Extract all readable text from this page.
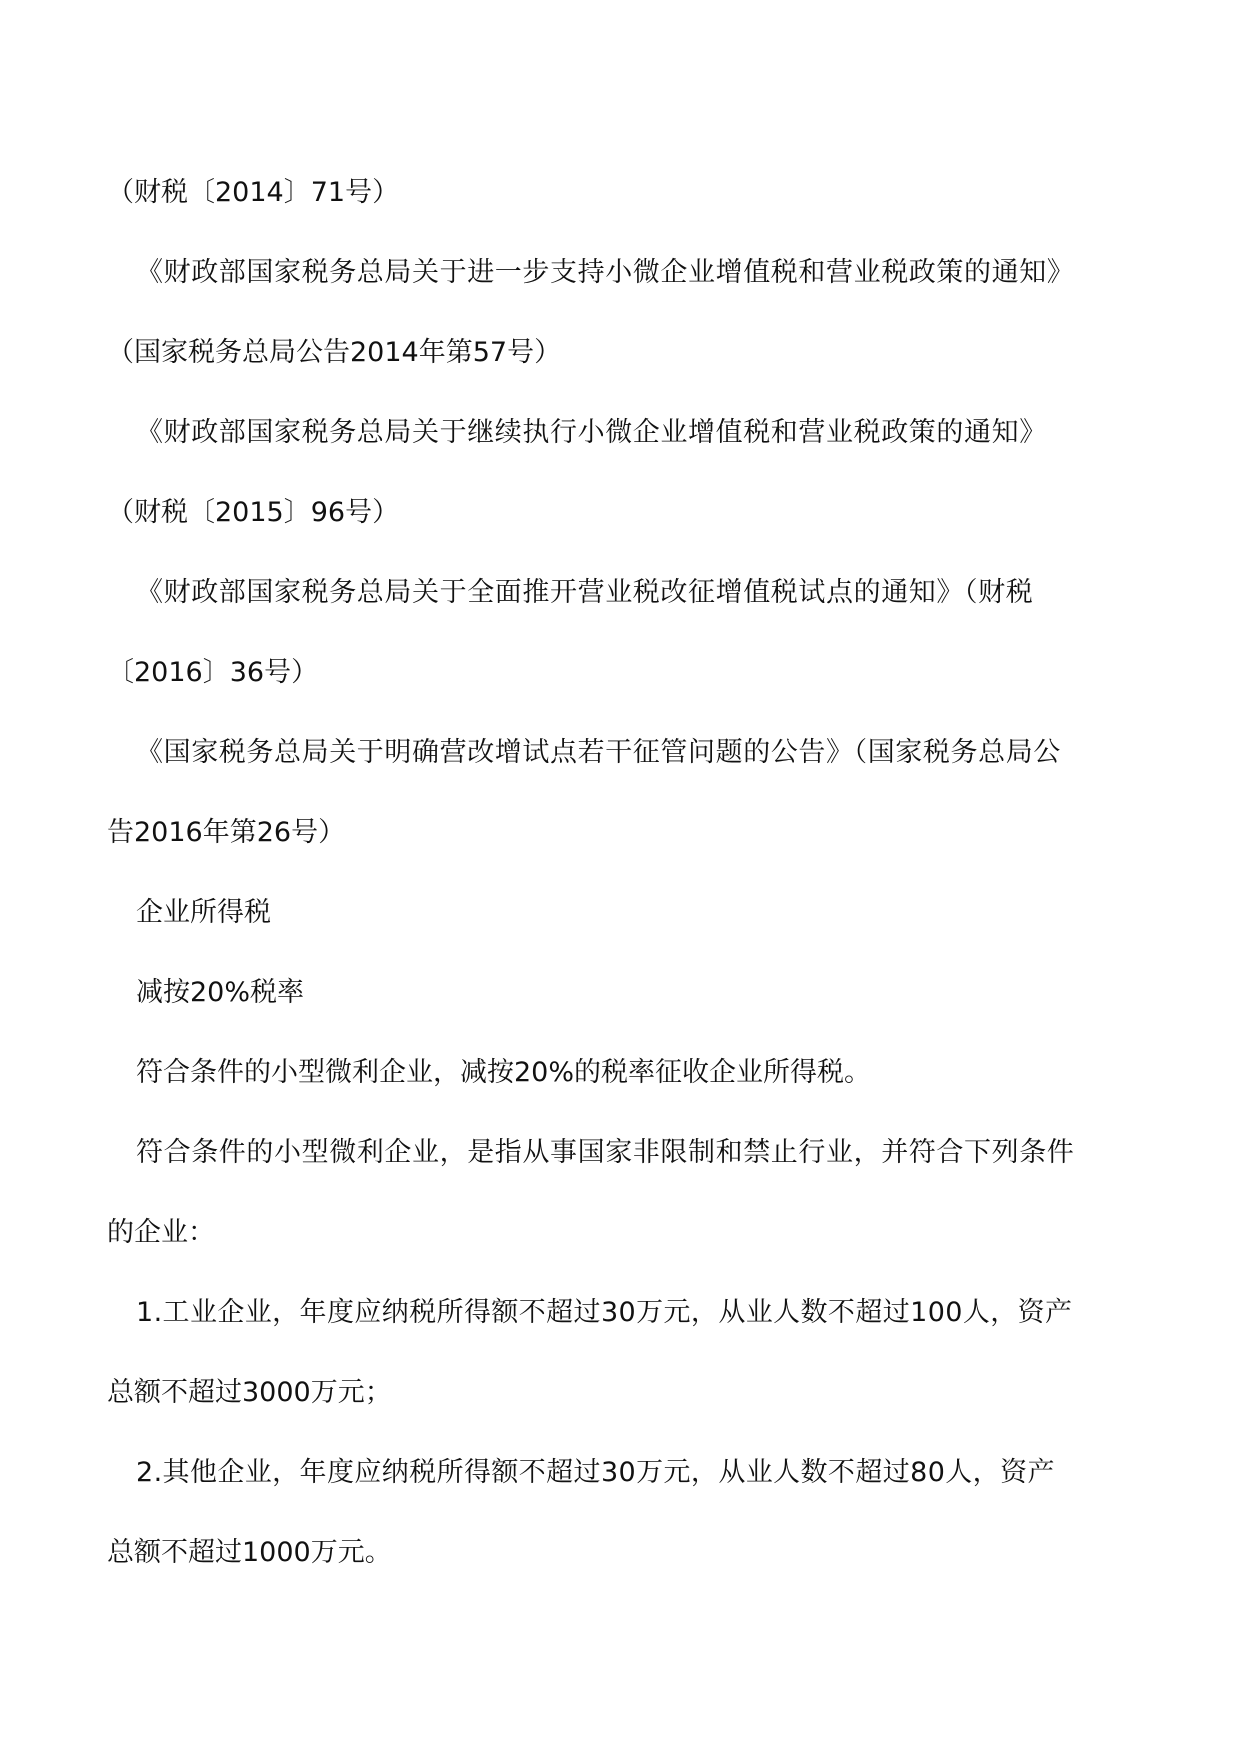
（财税〔2014〕71号）
《财政部国家税务总局关于进一步支持小微企业增值税和营业税政策的通知》
（国家税务总局公告2014年第57号）
《财政部国家税务总局关于继续执行小微企业增值税和营业税政策的通知》
（财税〔2015〕96号）
《财政部国家税务总局关于全面推开营业税改征增值税试点的通知》（财税
〔2016〕36号）
《国家税务总局关于明确营改增试点若干征管问题的公告》（国家税务总局公
告2016年第26号）
企业所得税
减按20%税率
符合条件的小型微利企业，减按20%的税率征收企业所得税。
符合条件的小型微利企业，是指从事国家非限制和禁止行业，并符合下列条件
的企业：
1.工业企业，年度应纳税所得额不超过30万元，从业人数不超过100人，资产
总额不超过3000万元；
2.其他企业，年度应纳税所得额不超过30万元，从业人数不超过80人，资产
总额不超过1000万元。
